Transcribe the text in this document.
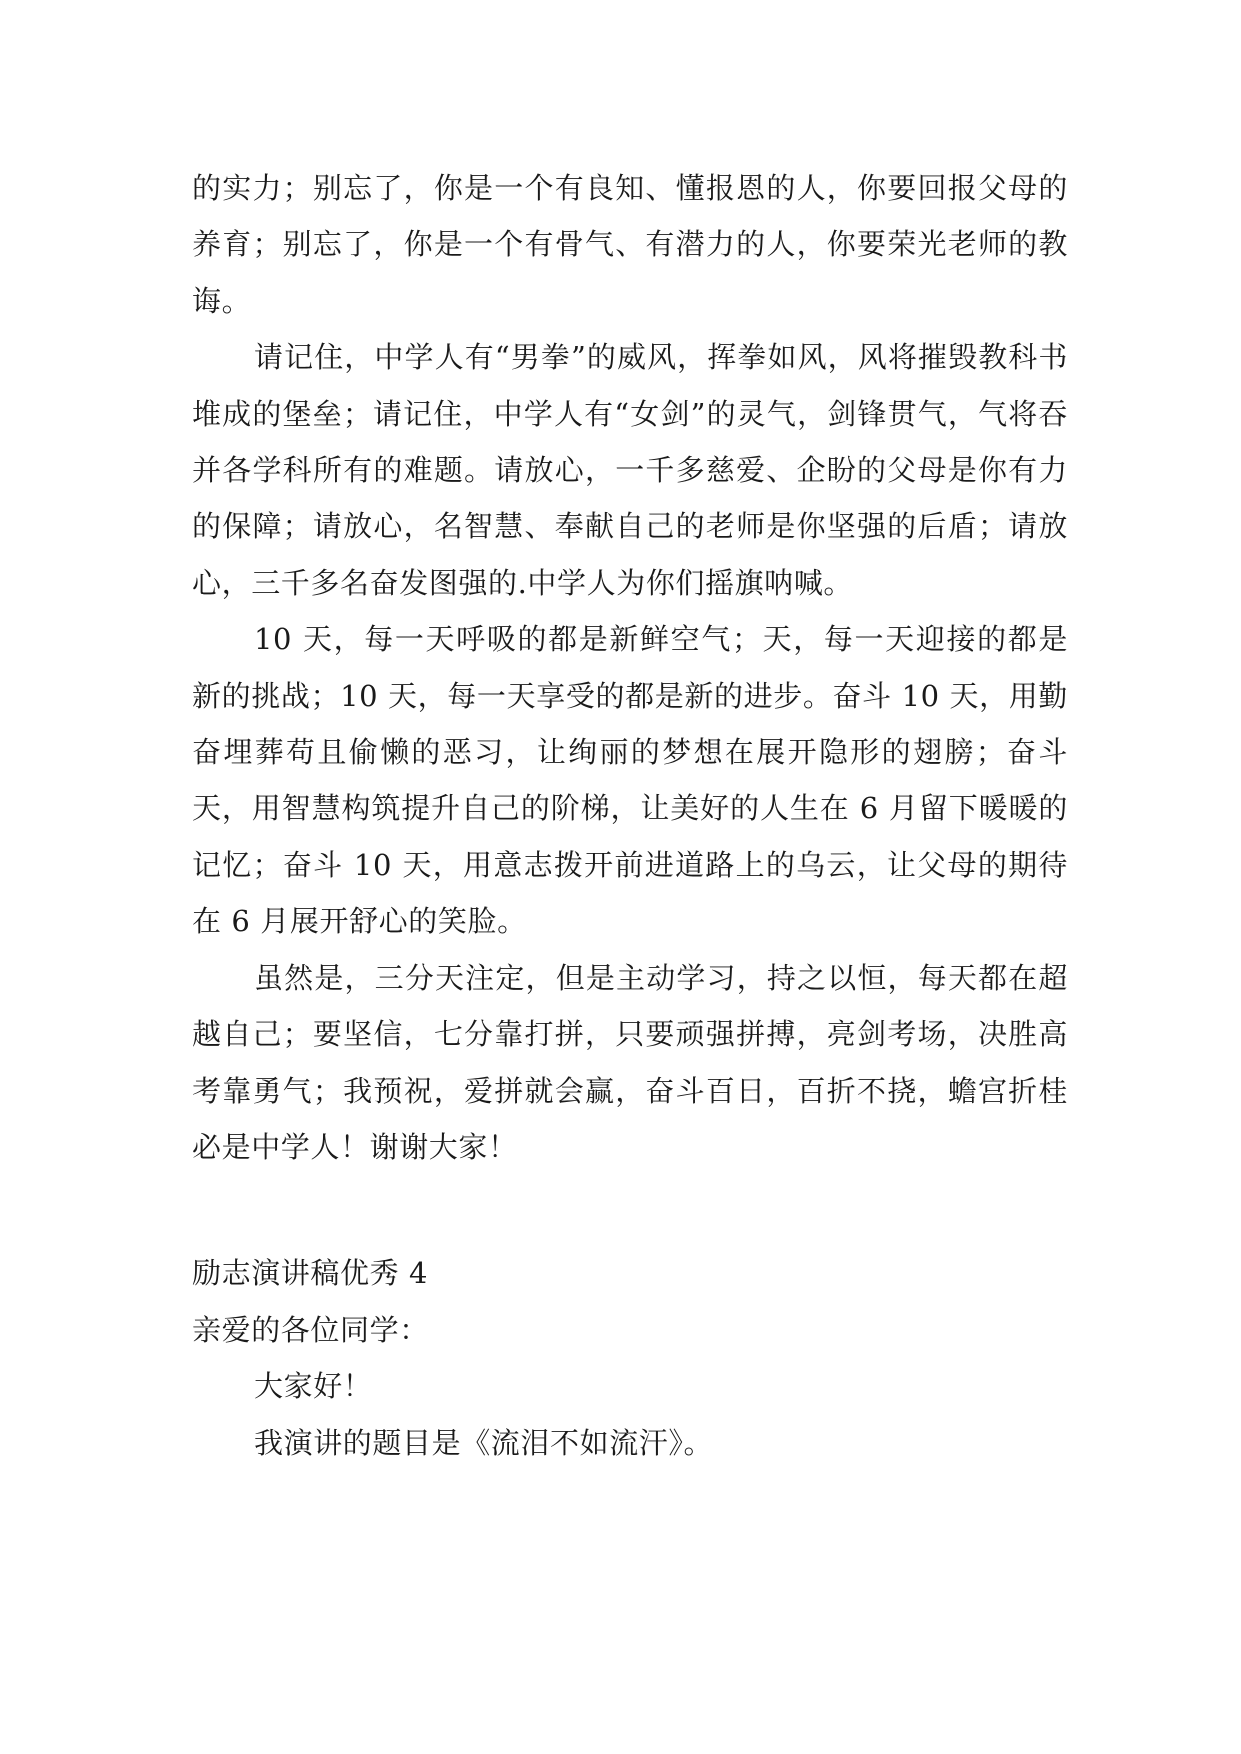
的实力；别忘了，你是一个有良知、懂报恩的人，你要回报父母的养育；别忘了，你是一个有骨气、有潜力的人，你要荣光老师的教诲。

请记住，中学人有“男拳”的威风，挥拳如风，风将摧毁教科书堆成的堡垒；请记住，中学人有“女剑”的灵气，剑锋贯气，气将吞并各学科所有的难题。请放心，一千多慈爱、企盼的父母是你有力的保障；请放心，名智慧、奉献自己的老师是你坚强的后盾；请放心，三千多名奋发图强的.中学人为你们摇旗呐喊。

10 天，每一天呼吸的都是新鲜空气；天，每一天迎接的都是新的挑战；10 天，每一天享受的都是新的进步。奋斗 10 天，用勤奋埋葬苟且偷懒的恶习，让绚丽的梦想在展开隐形的翅膀；奋斗天，用智慧构筑提升自己的阶梯，让美好的人生在 6 月留下暖暖的记忆；奋斗 10 天，用意志拨开前进道路上的乌云，让父母的期待在 6 月展开舒心的笑脸。

虽然是，三分天注定，但是主动学习，持之以恒，每天都在超越自己；要坚信，七分靠打拼，只要顽强拼搏，亮剑考场，决胜高考靠勇气；我预祝，爱拼就会赢，奋斗百日，百折不挠，蟾宫折桂必是中学人！谢谢大家！

励志演讲稿优秀 4

亲爱的各位同学：

大家好！

我演讲的题目是《流泪不如流汗》。
